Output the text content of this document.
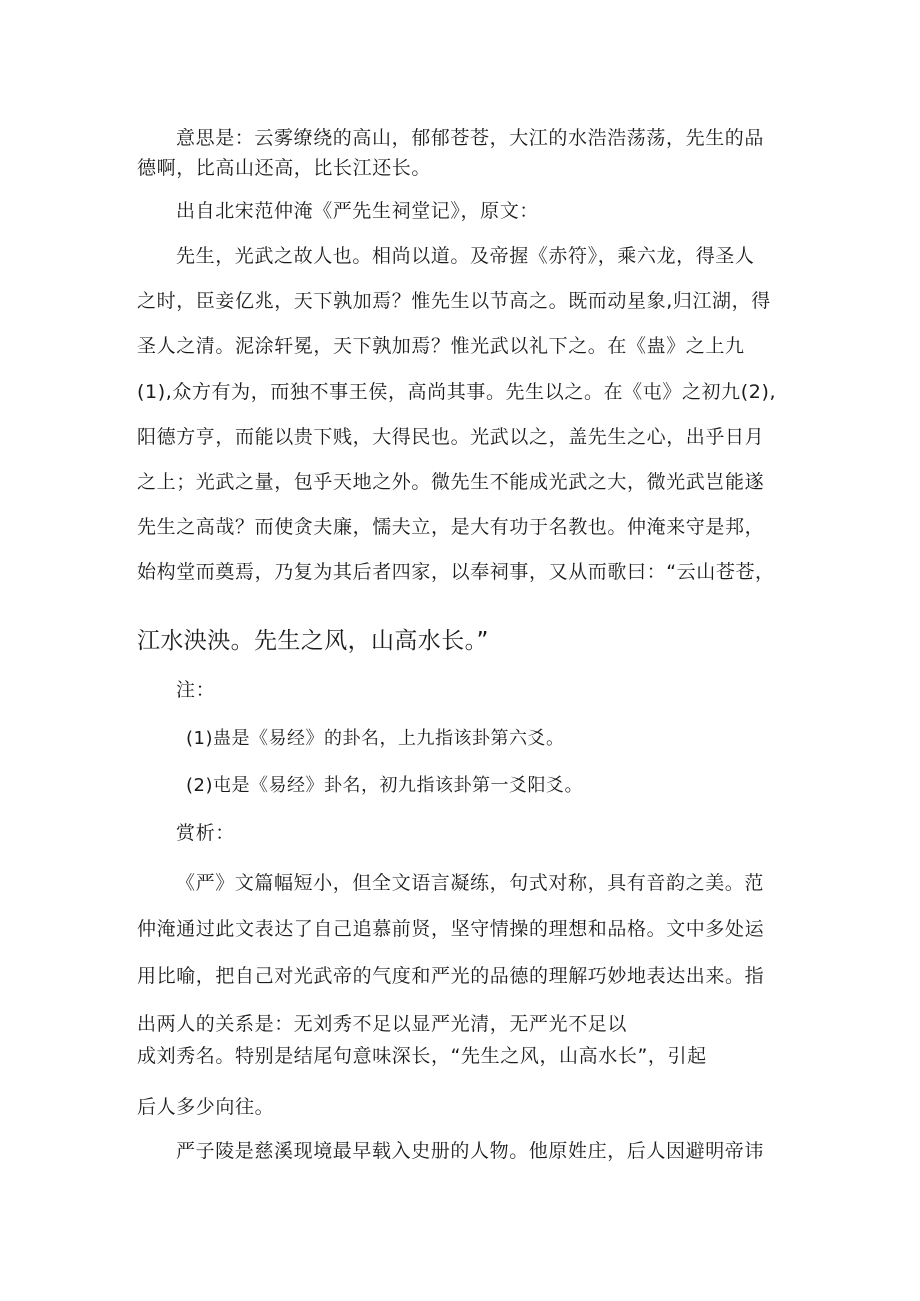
意思是：云雾缭绕的高山，郁郁苍苍，大江的水浩浩荡荡，先生的品
德啊，比高山还高，比长江还长。
出自北宋范仲淹《严先生祠堂记》，原文：
先生，光武之故人也。相尚以道。及帝握《赤符》，乘六龙，得圣人
之时，臣妾亿兆，天下孰加焉？惟先生以节高之。既而动星象,归江湖，得
圣人之清。泥涂轩冕，天下孰加焉？惟光武以礼下之。在《蛊》之上九
(1),众方有为，而独不事王侯，高尚其事。先生以之。在《屯》之初九(2),
阳德方亨，而能以贵下贱，大得民也。光武以之，盖先生之心，出乎日月
之上；光武之量，包乎天地之外。微先生不能成光武之大，微光武岂能遂
先生之高哉？而使贪夫廉，懦夫立，是大有功于名教也。仲淹来守是邦，
始构堂而奠焉，乃复为其后者四家，以奉祠事，又从而歌曰：“云山苍苍，
江水泱泱。先生之风，山高水长。”
注：
(1)蛊是《易经》的卦名，上九指该卦第六爻。
(2)屯是《易经》卦名，初九指该卦第一爻阳爻。
赏析：
《严》文篇幅短小，但全文语言凝练，句式对称，具有音韵之美。范
仲淹通过此文表达了自己追慕前贤，坚守情操的理想和品格。文中多处运
用比喻，把自己对光武帝的气度和严光的品德的理解巧妙地表达出来。指
出两人的关系是：无刘秀不足以显严光清，无严光不足以
成刘秀名。特别是结尾句意味深长，“先生之风，山高水长”，引起
后人多少向往。
严子陵是慈溪现境最早载入史册的人物。他原姓庄，后人因避明帝讳
